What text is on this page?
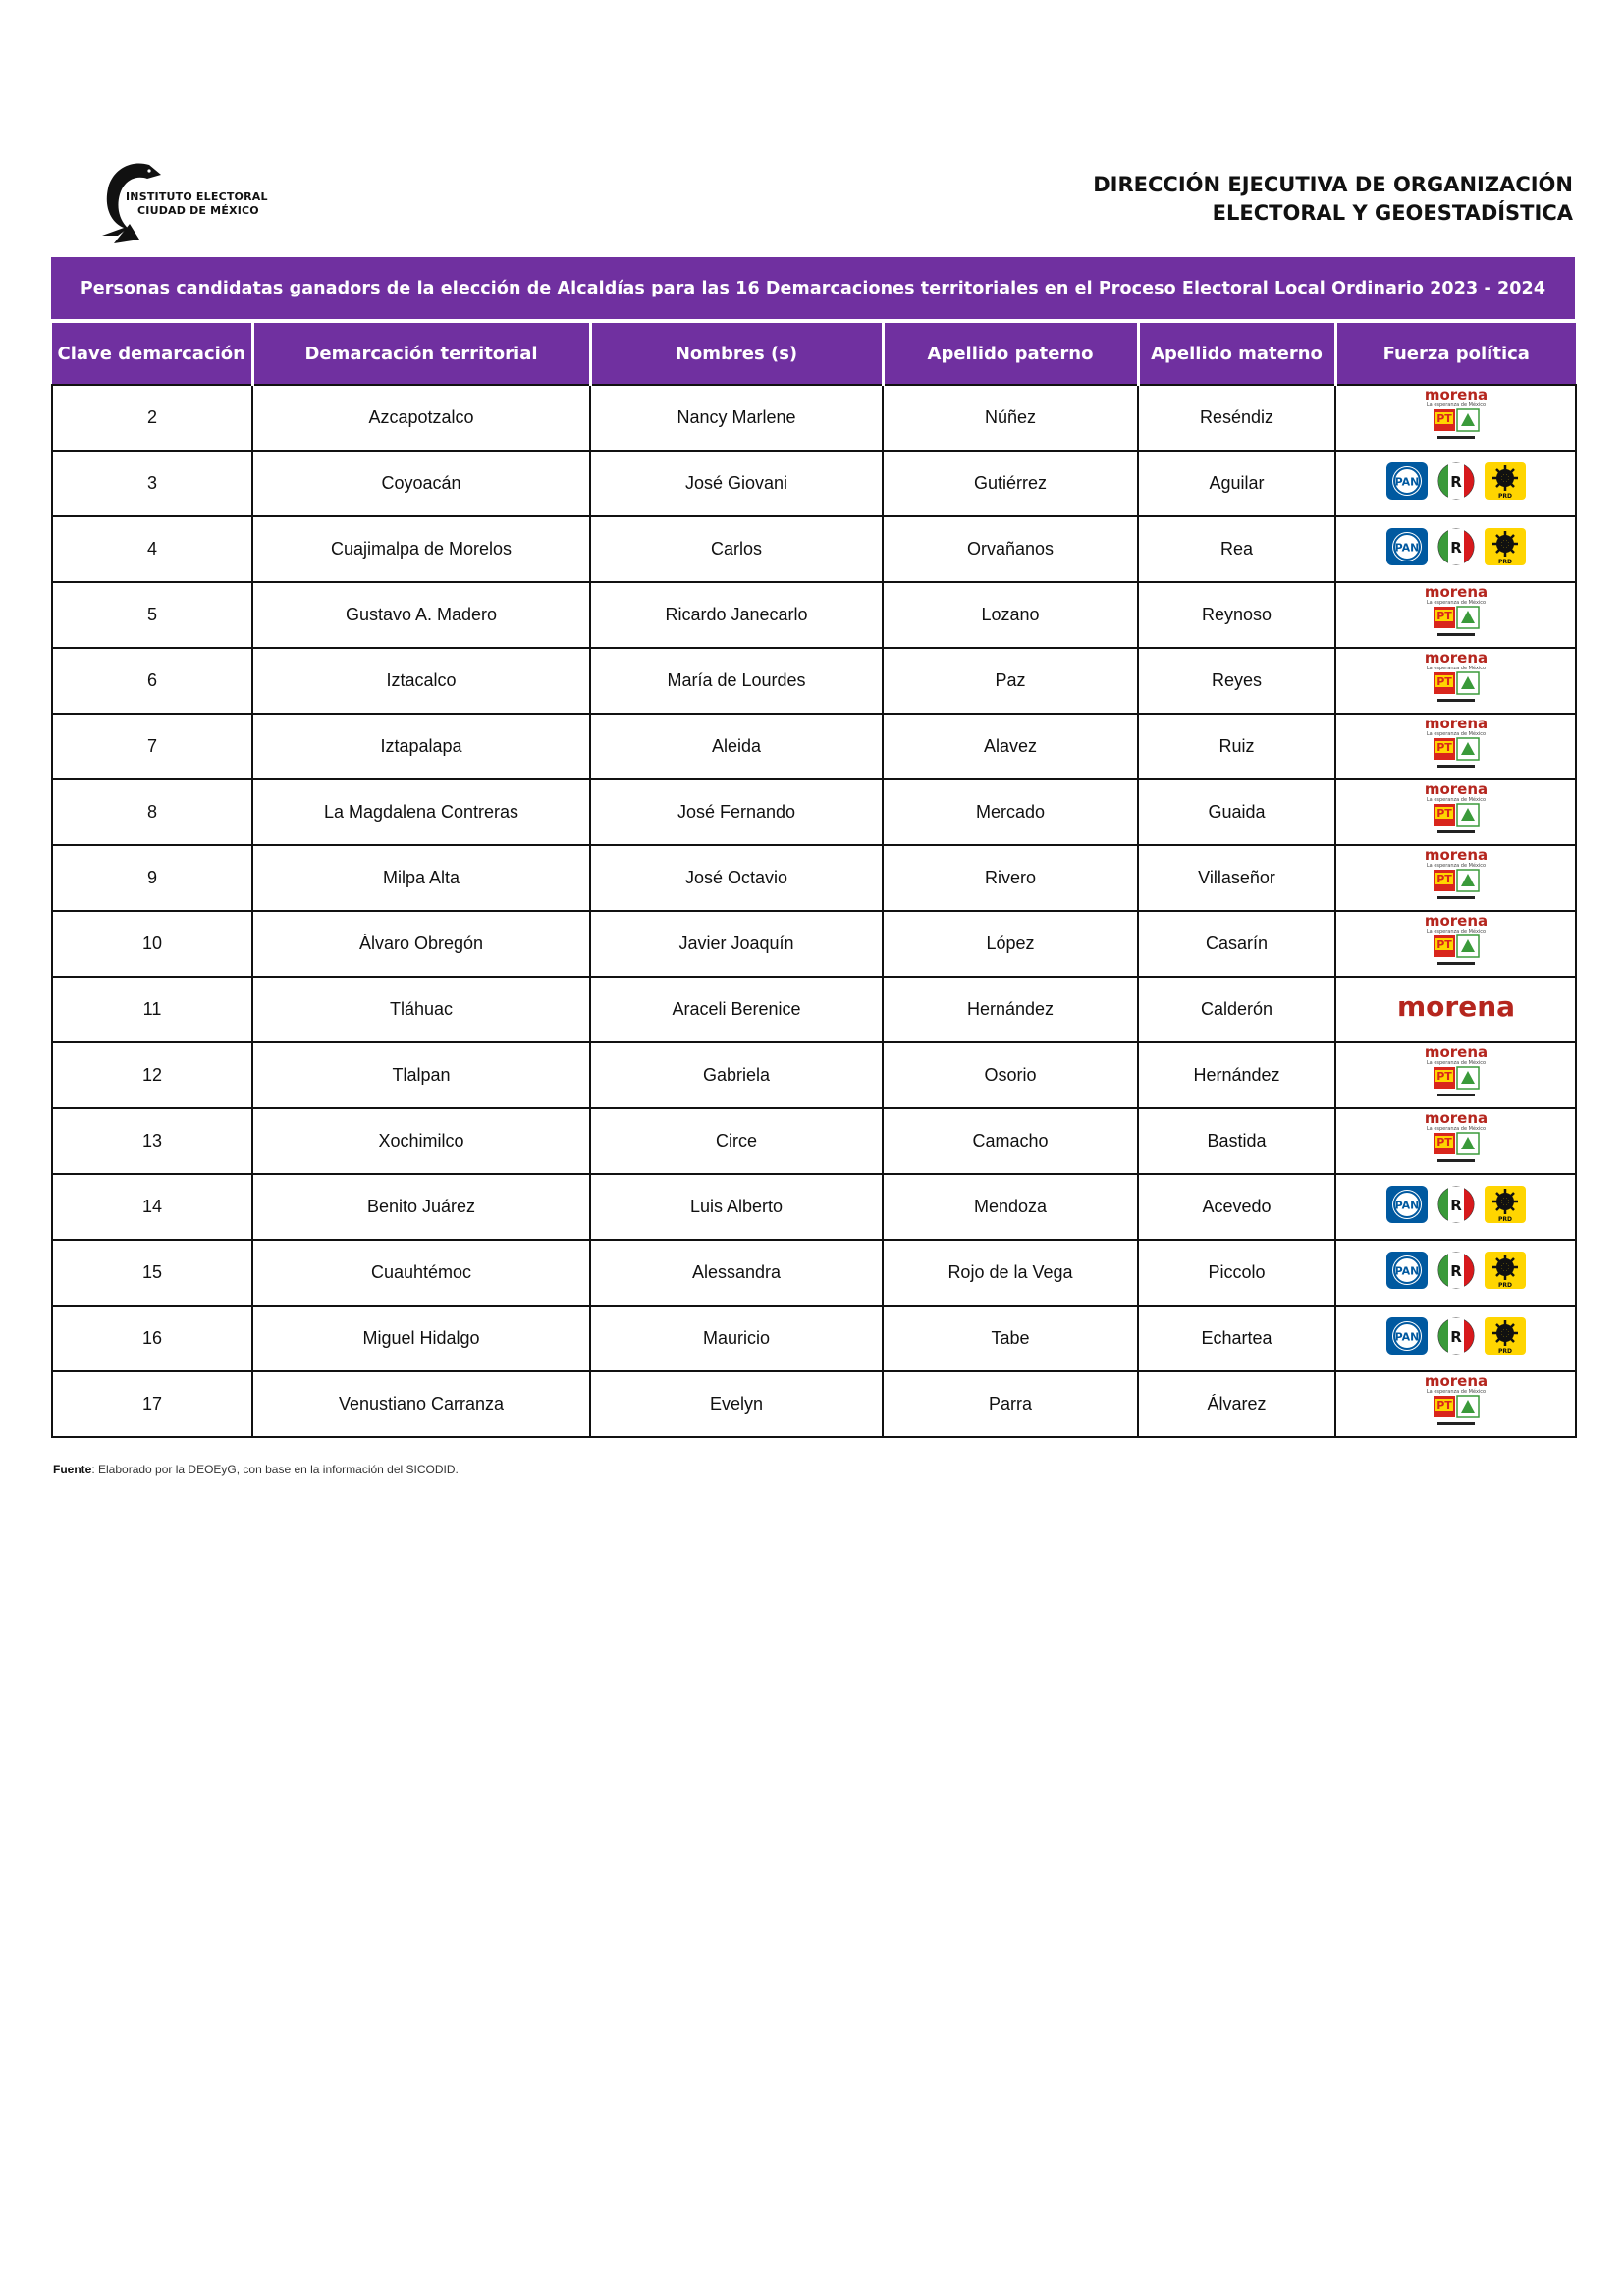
INSTITUTO ELECTORAL
CIUDAD DE MÉXICO
DIRECCIÓN EJECUTIVA DE ORGANIZACIÓN
ELECTORAL Y GEOESTADÍSTICA
Personas candidatas ganadors de la elección de Alcaldías para las 16 Demarcaciones territoriales en el Proceso Electoral Local Ordinario 2023 - 2024
Clave demarcación	Demarcación territorial	Nombres (s)	Apellido paterno	Apellido materno	Fuerza política
2	Azcapotzalco	Nancy Marlene	Núñez	Reséndiz	morena
La esperanza de México
PT

3	Coyoacán	José Giovani	Gutiérrez	Aguilar	PAN R
PRD

4	Cuajimalpa de Morelos	Carlos	Orvañanos	Rea	PAN R
PRD

5	Gustavo A. Madero	Ricardo Janecarlo	Lozano	Reynoso	morena
La esperanza de México
PT

6	Iztacalco	María de Lourdes	Paz	Reyes	morena
La esperanza de México
PT

7	Iztapalapa	Aleida	Alavez	Ruiz	morena
La esperanza de México
PT

8	La Magdalena Contreras	José Fernando	Mercado	Guaida	morena
La esperanza de México
PT

9	Milpa Alta	José Octavio	Rivero	Villaseñor	morena
La esperanza de México
PT

10	Álvaro Obregón	Javier Joaquín	López	Casarín	morena
La esperanza de México
PT

11	Tláhuac	Araceli Berenice	Hernández	Calderón	morena

12	Tlalpan	Gabriela	Osorio	Hernández	morena
La esperanza de México
PT

13	Xochimilco	Circe	Camacho	Bastida	morena
La esperanza de México
PT

14	Benito Juárez	Luis Alberto	Mendoza	Acevedo	PAN R
PRD

15	Cuauhtémoc	Alessandra	Rojo de la Vega	Piccolo	PAN R
PRD

16	Miguel Hidalgo	Mauricio	Tabe	Echartea	PAN R
PRD

17	Venustiano Carranza	Evelyn	Parra	Álvarez	morena
La esperanza de México
PT
Fuente: Elaborado por la DEOEyG, con base en la información del SICODID.
